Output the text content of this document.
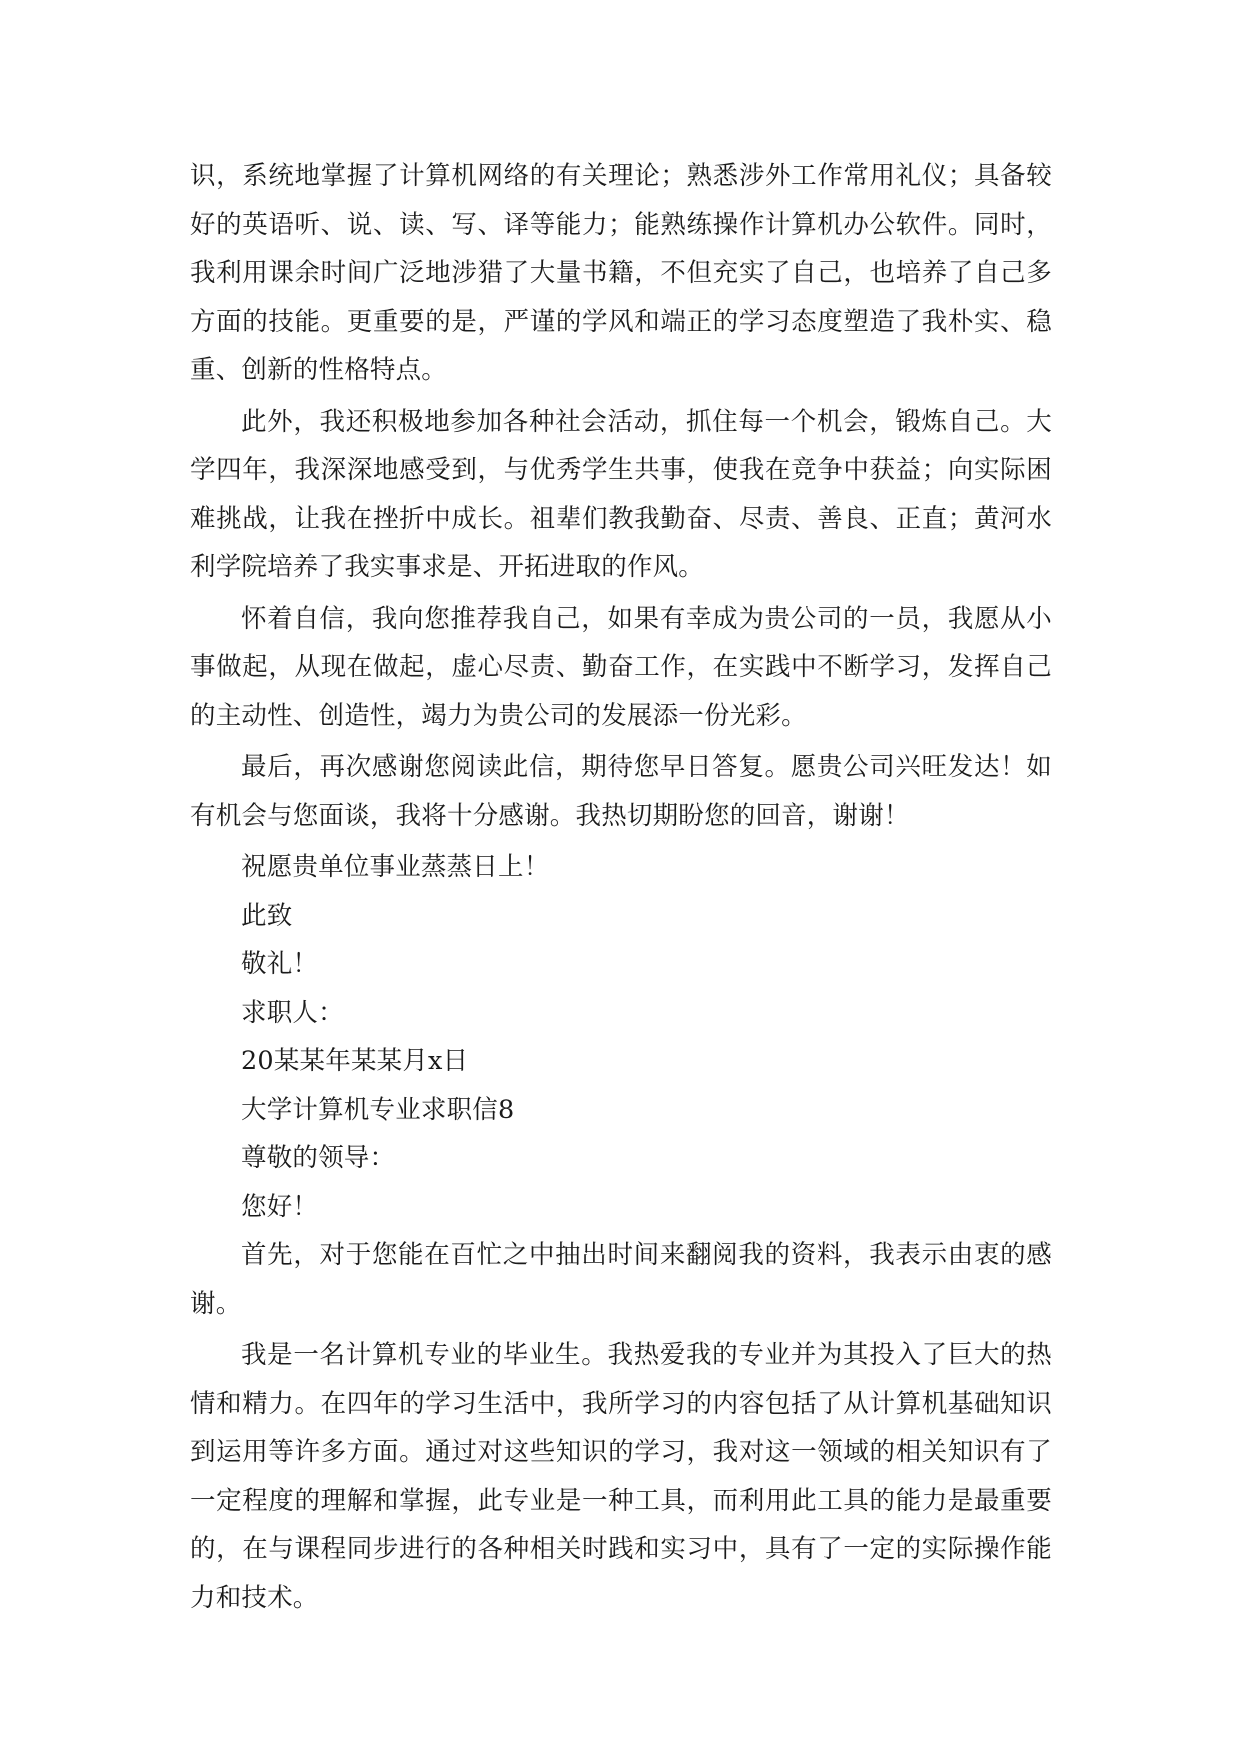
识，系统地掌握了计算机网络的有关理论；熟悉涉外工作常用礼仪；具备较好的英语听、说、读、写、译等能力；能熟练操作计算机办公软件。同时，我利用课余时间广泛地涉猎了大量书籍，不但充实了自己，也培养了自己多方面的技能。更重要的是，严谨的学风和端正的学习态度塑造了我朴实、稳重、创新的性格特点。

此外，我还积极地参加各种社会活动，抓住每一个机会，锻炼自己。大学四年，我深深地感受到，与优秀学生共事，使我在竞争中获益；向实际困难挑战，让我在挫折中成长。祖辈们教我勤奋、尽责、善良、正直；黄河水利学院培养了我实事求是、开拓进取的作风。

怀着自信，我向您推荐我自己，如果有幸成为贵公司的一员，我愿从小事做起，从现在做起，虚心尽责、勤奋工作，在实践中不断学习，发挥自己的主动性、创造性，竭力为贵公司的发展添一份光彩。

最后，再次感谢您阅读此信，期待您早日答复。愿贵公司兴旺发达！如有机会与您面谈，我将十分感谢。我热切期盼您的回音，谢谢！

祝愿贵单位事业蒸蒸日上！

此致

敬礼！

求职人：

20某某年某某月x日

大学计算机专业求职信8

尊敬的领导：

您好！

首先，对于您能在百忙之中抽出时间来翻阅我的资料，我表示由衷的感谢。

我是一名计算机专业的毕业生。我热爱我的专业并为其投入了巨大的热情和精力。在四年的学习生活中，我所学习的内容包括了从计算机基础知识到运用等许多方面。通过对这些知识的学习，我对这一领域的相关知识有了一定程度的理解和掌握，此专业是一种工具，而利用此工具的能力是最重要的，在与课程同步进行的各种相关时践和实习中，具有了一定的实际操作能力和技术。
